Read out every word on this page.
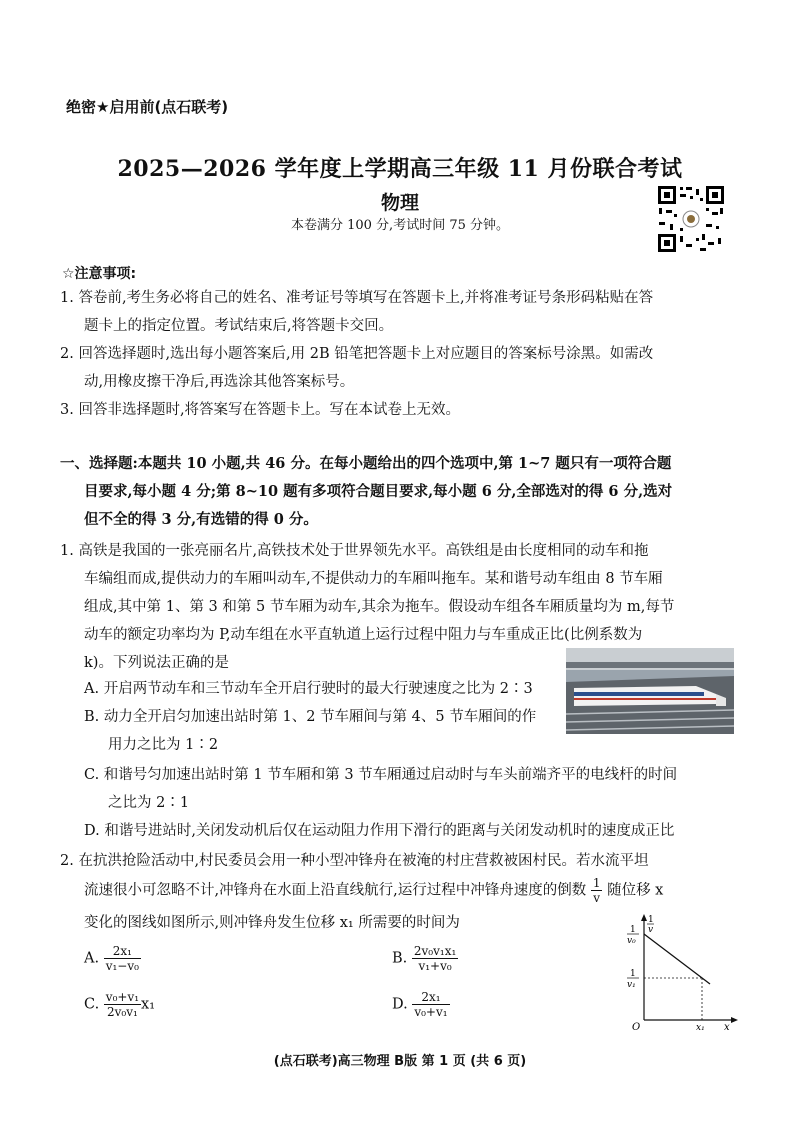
绝密★启用前(点石联考)
2025—2026 学年度上学期高三年级 11 月份联合考试
物理
本卷满分 100 分,考试时间 75 分钟。
☆注意事项:
1. 答卷前,考生务必将自己的姓名、准考证号等填写在答题卡上,并将准考证号条形码粘贴在答
题卡上的指定位置。考试结束后,将答题卡交回。
2. 回答选择题时,选出每小题答案后,用 2B 铅笔把答题卡上对应题目的答案标号涂黑。如需改
动,用橡皮擦干净后,再选涂其他答案标号。
3. 回答非选择题时,将答案写在答题卡上。写在本试卷上无效。
一、选择题:本题共 10 小题,共 46 分。在每小题给出的四个选项中,第 1~7 题只有一项符合题
目要求,每小题 4 分;第 8~10 题有多项符合题目要求,每小题 6 分,全部选对的得 6 分,选对
但不全的得 3 分,有选错的得 0 分。
1. 高铁是我国的一张亮丽名片,高铁技术处于世界领先水平。高铁组是由长度相同的动车和拖
车编组而成,提供动力的车厢叫动车,不提供动力的车厢叫拖车。某和谐号动车组由 8 节车厢
组成,其中第 1、第 3 和第 5 节车厢为动车,其余为拖车。假设动车组各车厢质量均为 m,每节
动车的额定功率均为 P,动车组在水平直轨道上运行过程中阻力与车重成正比(比例系数为
k)。下列说法正确的是
A. 开启两节动车和三节动车全开启行驶时的最大行驶速度之比为 2∶3
B. 动力全开启匀加速出站时第 1、2 节车厢间与第 4、5 节车厢间的作
用力之比为 1∶2
C. 和谐号匀加速出站时第 1 节车厢和第 3 节车厢通过启动时与车头前端齐平的电线杆的时间
之比为 2∶1
D. 和谐号进站时,关闭发动机后仅在运动阻力作用下滑行的距离与关闭发动机时的速度成正比
2. 在抗洪抢险活动中,村民委员会用一种小型冲锋舟在被淹的村庄营救被困村民。若水流平坦
流速很小可忽略不计,冲锋舟在水面上沿直线航行,运行过程中冲锋舟速度的倒数 $\frac{1}{v}$ 随位移 x
变化的图线如图所示,则冲锋舟发生位移 x₁ 所需要的时间为
A. $\frac{\text{2x₁}}{\text{v₁−v₀}}$	B. $\frac{\text{2v₀v₁x₁}}{\text{v₁+v₀}}$
C. $\frac{\text{v₀+v₁}}{\text{2v₀v₁}} x_1$	D. $\frac{\text{2x₁}}{\text{v₀+v₁}}$
1
v
1
v₀
1
v₁
O	x₁ x
(点石联考)高三物理 B版 第 1 页 (共 6 页)
